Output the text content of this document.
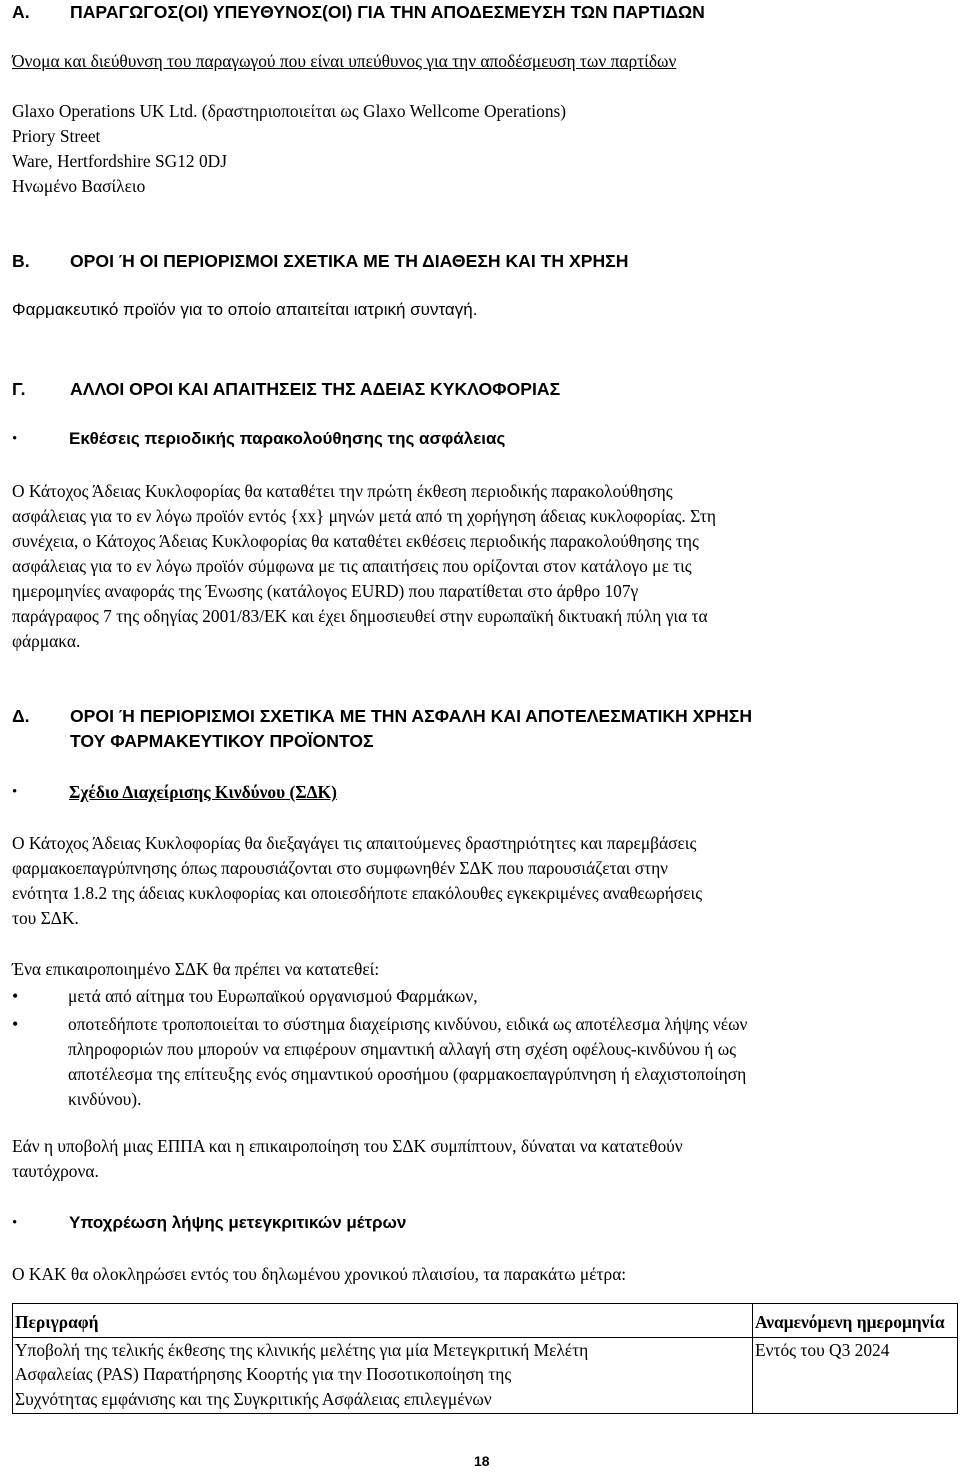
A. ΠΑΡΑΓΩΓΟΣ(ΟΙ) ΥΠΕΥΘΥΝΟΣ(ΟΙ) ΓΙΑ ΤΗΝ ΑΠΟΔΕΣΜΕΥΣΗ ΤΩΝ ΠΑΡΤΙΔΩΝ
Όνομα και διεύθυνση του παραγωγού που είναι υπεύθυνος για την αποδέσμευση των παρτίδων
Glaxo Operations UK Ltd. (δραστηριοποιείται ως Glaxo Wellcome Operations)
Priory Street
Ware, Hertfordshire SG12 0DJ
Ηνωμένο Βασίλειο
B. ΟΡΟΙ Ή ΟΙ ΠΕΡΙΟΡΙΣΜΟΙ ΣΧΕΤΙΚΑ ΜΕ ΤΗ ΔΙΑΘΕΣΗ ΚΑΙ ΤΗ ΧΡΗΣΗ
Φαρμακευτικό προϊόν για το οποίο απαιτείται ιατρική συνταγή.
Γ.	ΑΛΛΟΙ ΟΡΟΙ ΚΑΙ ΑΠΑΙΤΗΣΕΙΣ ΤΗΣ ΑΔΕΙΑΣ ΚΥΚΛΟΦΟΡΙΑΣ
•	Εκθέσεις περιοδικής παρακολούθησης της ασφάλειας
Ο Κάτοχος Άδειας Κυκλοφορίας θα καταθέτει την πρώτη έκθεση περιοδικής παρακολούθησης
ασφάλειας για το εν λόγω προϊόν εντός {xx} μηνών μετά από τη χορήγηση άδειας κυκλοφορίας. Στη
συνέχεια, ο Κάτοχος Άδειας Κυκλοφορίας θα καταθέτει εκθέσεις περιοδικής παρακολούθησης της
ασφάλειας για το εν λόγω προϊόν σύμφωνα με τις απαιτήσεις που ορίζονται στον κατάλογο με τις
ημερομηνίες αναφοράς της Ένωσης (κατάλογος EURD) που παρατίθεται στο άρθρο 107γ
παράγραφος 7 της οδηγίας 2001/83/ΕΚ και έχει δημοσιευθεί στην ευρωπαϊκή δικτυακή πύλη για τα
φάρμακα.
Δ. ΟΡΟΙ Ή ΠΕΡΙΟΡΙΣΜΟΙ ΣΧΕΤΙΚΑ ΜΕ ΤΗΝ ΑΣΦΑΛΗ ΚΑΙ ΑΠΟΤΕΛΕΣΜΑΤΙΚΗ ΧΡΗΣΗ
ΤΟΥ ΦΑΡΜΑΚΕΥΤΙΚΟΥ ΠΡΟΪΟΝΤΟΣ
•	Σχέδιο Διαχείρισης Κινδύνου (ΣΔΚ)
Ο Κάτοχος Άδειας Κυκλοφορίας θα διεξαγάγει τις απαιτούμενες δραστηριότητες και παρεμβάσεις
φαρμακοεπαγρύπνησης όπως παρουσιάζονται στο συμφωνηθέν ΣΔΚ που παρουσιάζεται στην
ενότητα 1.8.2 της άδειας κυκλοφορίας και οποιεσδήποτε επακόλουθες εγκεκριμένες αναθεωρήσεις
του ΣΔΚ.
Ένα επικαιροποιημένο ΣΔΚ θα πρέπει να κατατεθεί:
•	μετά από αίτημα του Ευρωπαϊκού οργανισμού Φαρμάκων,
•	οποτεδήποτε τροποποιείται το σύστημα διαχείρισης κινδύνου, ειδικά ως αποτέλεσμα λήψης νέων
πληροφοριών που μπορούν να επιφέρουν σημαντική αλλαγή στη σχέση οφέλους-κινδύνου ή ως
αποτέλεσμα της επίτευξης ενός σημαντικού οροσήμου (φαρμακοεπαγρύπνηση ή ελαχιστοποίηση
κινδύνου).
Εάν η υποβολή μιας ΕΠΠΑ και η επικαιροποίηση του ΣΔΚ συμπίπτουν, δύναται να κατατεθούν
ταυτόχρονα.
•	Υποχρέωση λήψης μετεγκριτικών μέτρων
Ο ΚΑΚ θα ολοκληρώσει εντός του δηλωμένου χρονικού πλαισίου, τα παρακάτω μέτρα:
Περιγραφή	Αναμενόμενη ημερομηνία

Υποβολή της τελικής έκθεσης της κλινικής μελέτης για μία Μετεγκριτική Μελέτη
Ασφαλείας (PAS) Παρατήρησης Κοορτής για την Ποσοτικοποίηση της
Συχνότητας εμφάνισης και της Συγκριτικής Ασφάλειας επιλεγμένων	Εντός του Q3 2024
18
